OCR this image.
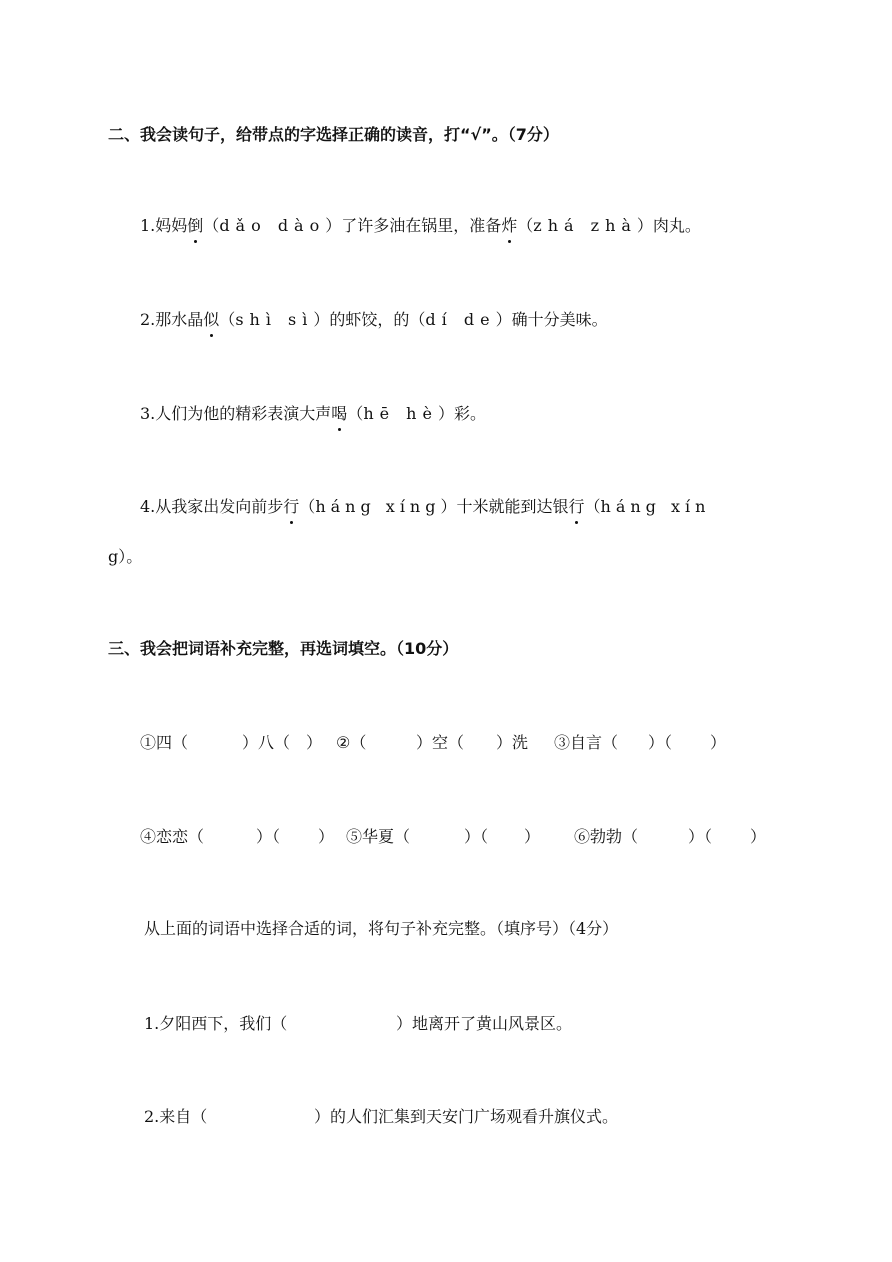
二、我会读句子，给带点的字选择正确的读音，打“√”。（7分）
1.妈妈倒（dǎo dào）了许多油在锅里，准备炸（zhá zhà）肉丸。
2.那水晶似（shì sì）的虾饺，的（dí de）确十分美味。
3.人们为他的精彩表演大声喝（hē hè）彩。
4.从我家出发向前步行（háng xíng）十米就能到达银行（háng xín
g）。
三、我会把词语补充完整，再选词填空。（10分）
①四（	）八（ ） ②（	）空（ ）洗 ③自言（ ）（ ）
④恋恋（	）（ ） ⑤华夏（	）（ ） ⑥勃勃（	）（ ）
从上面的词语中选择合适的词，将句子补充完整。（填序号）（4分）
1.夕阳西下，我们（	）地离开了黄山风景区。
2.来自（	）的人们汇集到天安门广场观看升旗仪式。
